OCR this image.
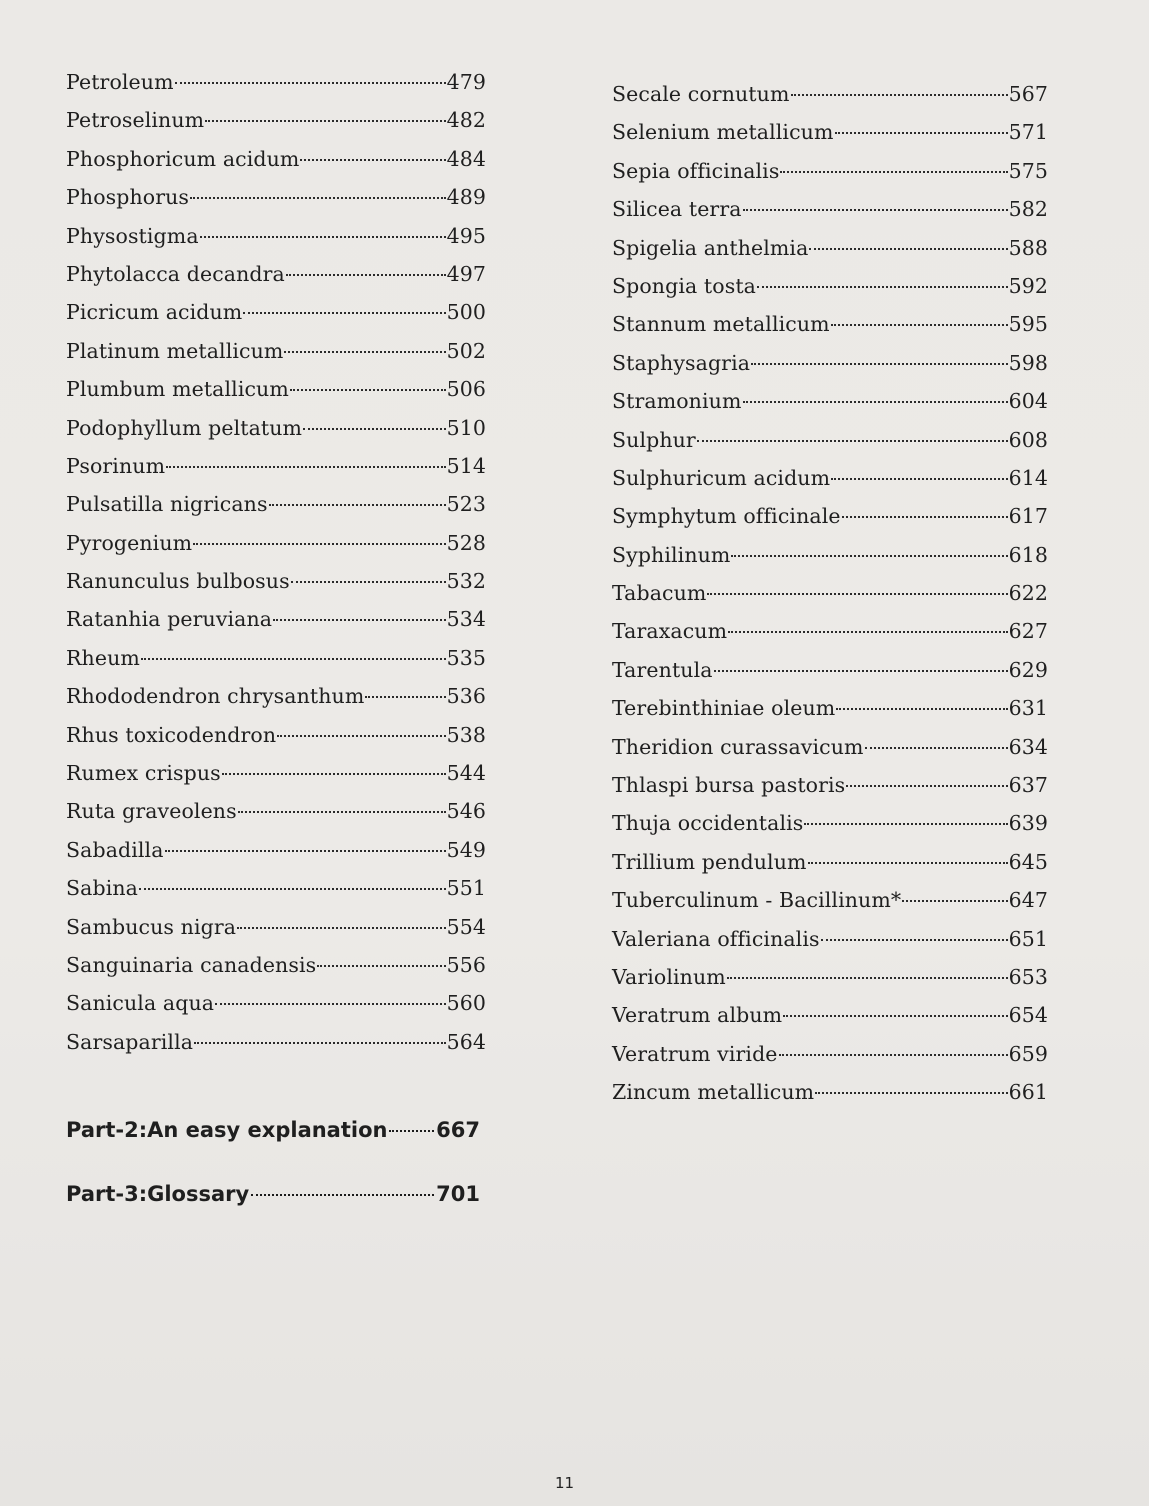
Petroleum	479
Petroselinum	482
Phosphoricum acidum	484
Phosphorus	489
Physostigma	495
Phytolacca decandra	497
Picricum acidum	500
Platinum metallicum	502
Plumbum metallicum	506
Podophyllum peltatum	510
Psorinum	514
Pulsatilla nigricans	523
Pyrogenium	528
Ranunculus bulbosus	532
Ratanhia peruviana	534
Rheum	535
Rhododendron chrysanthum	536
Rhus toxicodendron	538
Rumex crispus	544
Ruta graveolens	546
Sabadilla	549
Sabina	551
Sambucus nigra	554
Sanguinaria canadensis	556
Sanicula aqua	560
Sarsaparilla	564
Secale cornutum	567
Selenium metallicum	571
Sepia officinalis	575
Silicea terra	582
Spigelia anthelmia	588
Spongia tosta	592
Stannum metallicum	595
Staphysagria	598
Stramonium	604
Sulphur	608
Sulphuricum acidum	614
Symphytum officinale	617
Syphilinum	618
Tabacum	622
Taraxacum	627
Tarentula	629
Terebinthiniae oleum	631
Theridion curassavicum	634
Thlaspi bursa pastoris	637
Thuja occidentalis	639
Trillium pendulum	645
Tuberculinum - Bacillinum*	647
Valeriana officinalis	651
Variolinum	653
Veratrum album	654
Veratrum viride	659
Zincum metallicum	661
Part-2:An easy explanation 667
Part-3:Glossary	701
11
